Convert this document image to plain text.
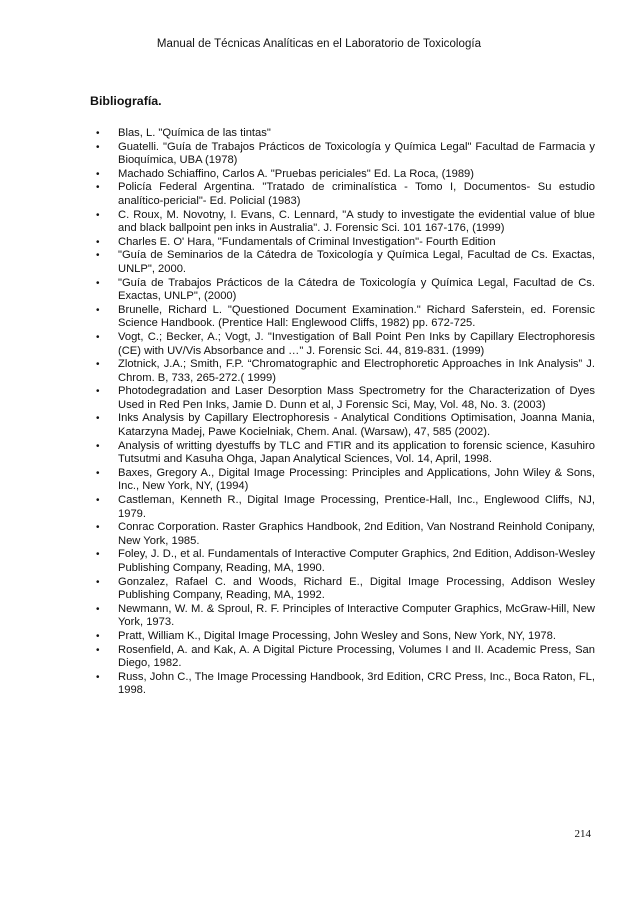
Manual de Técnicas Analíticas en el Laboratorio de Toxicología
Bibliografía.
• Blas, L. "Química de las tintas"
• Guatelli. "Guía de Trabajos Prácticos de Toxicología y Química Legal" Facultad de Farmacia y Bioquímica, UBA (1978)
• Machado Schiaffino, Carlos A. "Pruebas periciales" Ed. La Roca, (1989)
• Policía Federal Argentina. "Tratado de criminalística - Tomo I, Documentos- Su estudio analítico-pericial"- Ed. Policial (1983)
• C. Roux, M. Novotny, I. Evans, C. Lennard, "A study to investigate the evidential value of blue and black ballpoint pen inks in Australia". J. Forensic Sci. 101 167-176, (1999)
• Charles E. O' Hara, "Fundamentals of Criminal Investigation"- Fourth Edition
• "Guía de Seminarios de la Cátedra de Toxicología y Química Legal, Facultad de Cs. Exactas, UNLP", 2000.
• "Guía de Trabajos Prácticos de la Cátedra de Toxicología y Química Legal, Facultad de Cs. Exactas, UNLP", (2000)
• Brunelle, Richard L. "Questioned Document Examination." Richard Saferstein, ed. Forensic Science Handbook. (Prentice Hall: Englewood Cliffs, 1982) pp. 672-725.
• Vogt, C.; Becker, A.; Vogt, J. "Investigation of Ball Point Pen Inks by Capillary Electrophoresis (CE) with UV/Vis Absorbance and …" J. Forensic Sci. 44, 819-831. (1999)
• Zlotnick, J.A.; Smith, F.P. “Chromatographic and Electrophoretic Approaches in Ink Analysis” J. Chrom. B, 733, 265-272.( 1999)
• Photodegradation and Laser Desorption Mass Spectrometry for the Characterization of Dyes Used in Red Pen Inks, Jamie D. Dunn et al, J Forensic Sci, May, Vol. 48, No. 3. (2003)
• Inks Analysis by Capillary Electrophoresis - Analytical Conditions Optimisation, Joanna Mania, Katarzyna Madej, Pawe Kocielniak, Chem. Anal. (Warsaw), 47, 585 (2002).
• Analysis of writting dyestuffs by TLC and FTIR and its application to forensic science, Kasuhiro Tutsutmi and Kasuha Ohga, Japan Analytical Sciences, Vol. 14, April, 1998.
• Baxes, Gregory A., Digital Image Processing: Principles and Applications, John Wiley & Sons, Inc., New York, NY, (1994)
• Castleman, Kenneth R., Digital Image Processing, Prentice-Hall, Inc., Englewood Cliffs, NJ, 1979.
• Conrac Corporation. Raster Graphics Handbook, 2nd Edition, Van Nostrand Reinhold Conipany, New York, 1985.
• Foley, J. D., et al. Fundamentals of Interactive Computer Graphics, 2nd Edition, Addison-Wesley Publishing Company, Reading, MA, 1990.
• Gonzalez, Rafael C. and Woods, Richard E., Digital Image Processing, Addison Wesley Publishing Company, Reading, MA, 1992.
• Newmann, W. M. & Sproul, R. F. Principles of Interactive Computer Graphics, McGraw-Hill, New York, 1973.
• Pratt, William K., Digital Image Processing, John Wesley and Sons, New York, NY, 1978.
• Rosenfield, A. and Kak, A. A Digital Picture Processing, Volumes I and II. Academic Press, San Diego, 1982.
• Russ, John C., The Image Processing Handbook, 3rd Edition, CRC Press, Inc., Boca Raton, FL, 1998.
214
